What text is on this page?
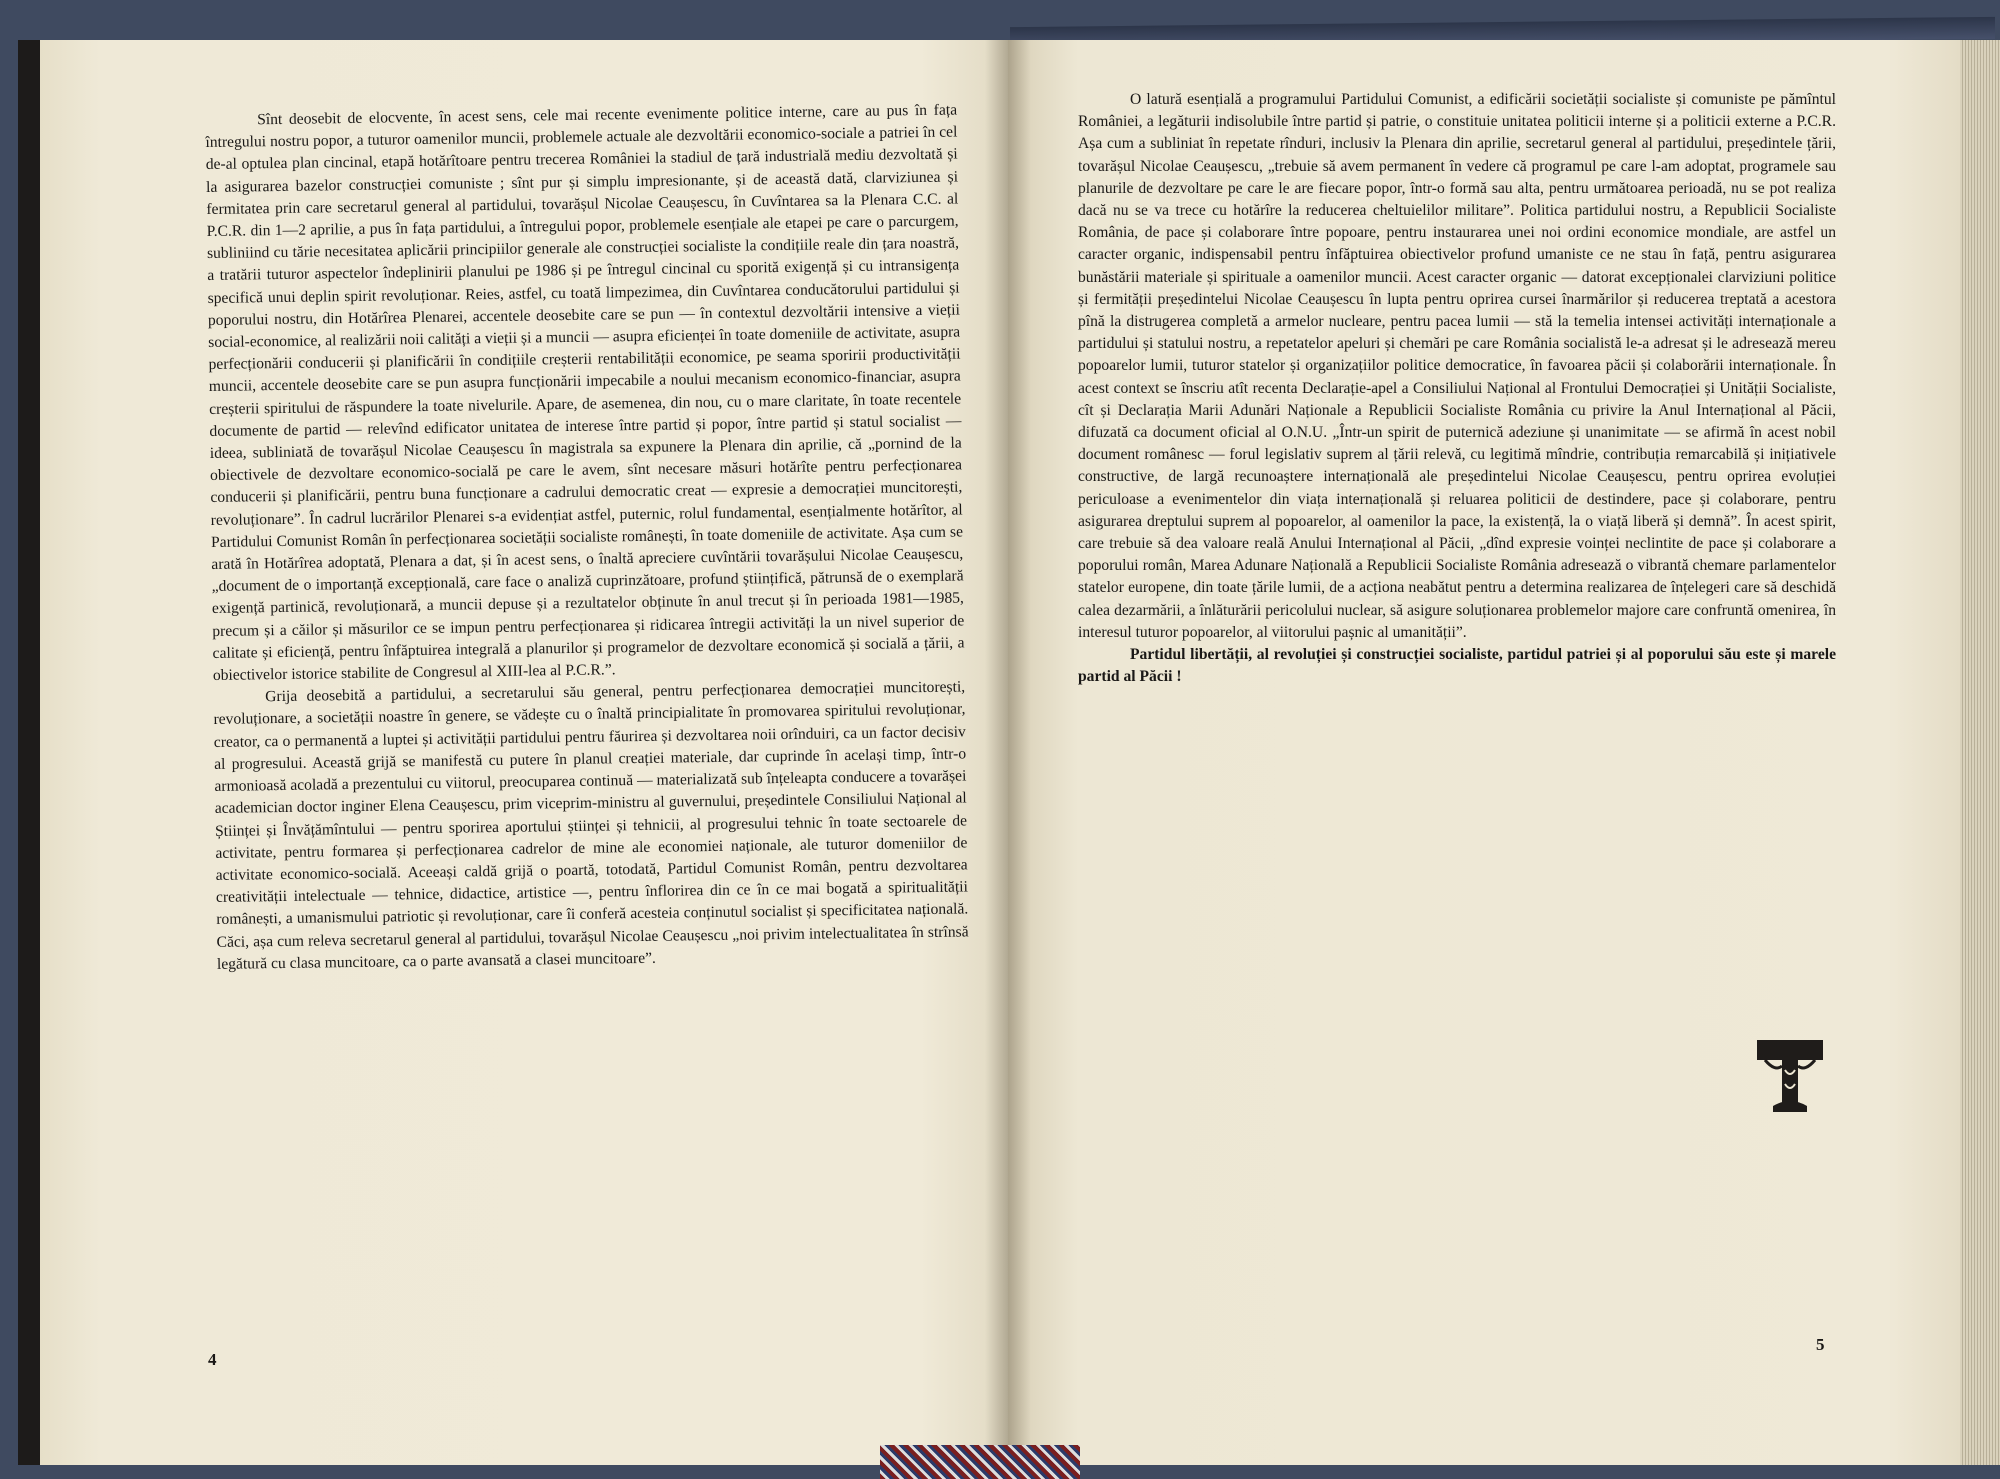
Sînt deosebit de elocvente, în acest sens, cele mai recente evenimente politice interne, care au pus în fața întregului nostru popor, a tuturor oamenilor muncii, problemele actuale ale dezvoltării economico-sociale a patriei în cel de-al optulea plan cincinal, etapă hotărîtoare pentru trecerea României la stadiul de țară industrială mediu dezvoltată și la asigurarea bazelor construcției comuniste ; sînt pur și simplu impresionante, și de această dată, clarviziunea și fermitatea prin care secretarul general al partidului, tovarășul Nicolae Ceaușescu, în Cuvîntarea sa la Plenara C.C. al P.C.R. din 1—2 aprilie, a pus în fața partidului, a întregului popor, problemele esențiale ale etapei pe care o parcurgem, subliniind cu tărie necesitatea aplicării principiilor generale ale construcției socialiste la condițiile reale din țara noastră, a tratării tuturor aspectelor îndeplinirii planului pe 1986 și pe întregul cincinal cu sporită exigență și cu intransigența specifică unui deplin spirit revoluționar. Reies, astfel, cu toată limpezimea, din Cuvîntarea conducătorului partidului și poporului nostru, din Hotărîrea Plenarei, accentele deosebite care se pun — în contextul dezvoltării intensive a vieții social-economice, al realizării noii calități a vieții și a muncii — asupra eficienței în toate domeniile de activitate, asupra perfecționării conducerii și planificării în condițiile creșterii rentabilității economice, pe seama sporirii productivității muncii, accentele deosebite care se pun asupra funcționării impecabile a noului mecanism economico-financiar, asupra creșterii spiritului de răspundere la toate nivelurile. Apare, de asemenea, din nou, cu o mare claritate, în toate recentele documente de partid — relevînd edificator unitatea de interese între partid și popor, între partid și statul socialist — ideea, subliniată de tovarășul Nicolae Ceaușescu în magistrala sa expunere la Plenara din aprilie, că „pornind de la obiectivele de dezvoltare economico-socială pe care le avem, sînt necesare măsuri hotărîte pentru perfecționarea conducerii și planificării, pentru buna funcționare a cadrului democratic creat — expresie a democrației muncitorești, revoluționare”. În cadrul lucrărilor Plenarei s-a evidențiat astfel, puternic, rolul fundamental, esențialmente hotărîtor, al Partidului Comunist Român în perfecționarea societății socialiste românești, în toate domeniile de activitate. Așa cum se arată în Hotărîrea adoptată, Plenara a dat, și în acest sens, o înaltă apreciere cuvîntării tovarășului Nicolae Ceaușescu, „document de o importanță excepțională, care face o analiză cuprinzătoare, profund științifică, pătrunsă de o exemplară exigență partinică, revoluționară, a muncii depuse și a rezultatelor obținute în anul trecut și în perioada 1981—1985, precum și a căilor și măsurilor ce se impun pentru perfecționarea și ridicarea întregii activități la un nivel superior de calitate și eficiență, pentru înfăptuirea integrală a planurilor și programelor de dezvoltare economică și socială a țării, a obiectivelor istorice stabilite de Congresul al XIII-lea al P.C.R.”.

Grija deosebită a partidului, a secretarului său general, pentru perfecționarea democrației muncitorești, revoluționare, a societății noastre în genere, se vădește cu o înaltă principialitate în promovarea spiritului revoluționar, creator, ca o permanentă a luptei și activității partidului pentru făurirea și dezvoltarea noii orînduiri, ca un factor decisiv al progresului. Această grijă se manifestă cu putere în planul creației materiale, dar cuprinde în același timp, într-o armonioasă acoladă a prezentului cu viitorul, preocuparea continuă — materializată sub înțeleapta conducere a tovarășei academician doctor inginer Elena Ceaușescu, prim viceprim-ministru al guvernului, președintele Consiliului Național al Științei și Învățămîntului — pentru sporirea aportului științei și tehnicii, al progresului tehnic în toate sectoarele de activitate, pentru formarea și perfecționarea cadrelor de mine ale economiei naționale, ale tuturor domeniilor de activitate economico-socială. Aceeași caldă grijă o poartă, totodată, Partidul Comunist Român, pentru dezvoltarea creativității intelectuale — tehnice, didactice, artistice —, pentru înflorirea din ce în ce mai bogată a spiritualității românești, a umanismului patriotic și revoluționar, care îi conferă acesteia conținutul socialist și specificitatea națională. Căci, așa cum releva secretarul general al partidului, tovarășul Nicolae Ceaușescu „noi privim intelectualitatea în strînsă legătură cu clasa muncitoare, ca o parte avansată a clasei muncitoare”.

4

O latură esențială a programului Partidului Comunist, a edificării societății socialiste și comuniste pe pămîntul României, a legăturii indisolubile între partid și patrie, o constituie unitatea politicii interne și a politicii externe a P.C.R. Așa cum a subliniat în repetate rînduri, inclusiv la Plenara din aprilie, secretarul general al partidului, președintele țării, tovarășul Nicolae Ceaușescu, „trebuie să avem permanent în vedere că programul pe care l-am adoptat, programele sau planurile de dezvoltare pe care le are fiecare popor, într-o formă sau alta, pentru următoarea perioadă, nu se pot realiza dacă nu se va trece cu hotărîre la reducerea cheltuielilor militare”. Politica partidului nostru, a Republicii Socialiste România, de pace și colaborare între popoare, pentru instaurarea unei noi ordini economice mondiale, are astfel un caracter organic, indispensabil pentru înfăptuirea obiectivelor profund umaniste ce ne stau în față, pentru asigurarea bunăstării materiale și spirituale a oamenilor muncii. Acest caracter organic — datorat excepționalei clarviziuni politice și fermității președintelui Nicolae Ceaușescu în lupta pentru oprirea cursei înarmărilor și reducerea treptată a acestora pînă la distrugerea completă a armelor nucleare, pentru pacea lumii — stă la temelia intensei activități internaționale a partidului și statului nostru, a repetatelor apeluri și chemări pe care România socialistă le-a adresat și le adresează mereu popoarelor lumii, tuturor statelor și organizațiilor politice democratice, în favoarea păcii și colaborării internaționale. În acest context se înscriu atît recenta Declarație-apel a Consiliului Național al Frontului Democrației și Unității Socialiste, cît și Declarația Marii Adunări Naționale a Republicii Socialiste România cu privire la Anul Internațional al Păcii, difuzată ca document oficial al O.N.U. „Într-un spirit de puternică adeziune și unanimitate — se afirmă în acest nobil document românesc — forul legislativ suprem al țării relevă, cu legitimă mîndrie, contribuția remarcabilă și inițiativele constructive, de largă recunoaștere internațională ale președintelui Nicolae Ceaușescu, pentru oprirea evoluției periculoase a evenimentelor din viața internațională și reluarea politicii de destindere, pace și colaborare, pentru asigurarea dreptului suprem al popoarelor, al oamenilor la pace, la existență, la o viață liberă și demnă”. În acest spirit, care trebuie să dea valoare reală Anului Internațional al Păcii, „dînd expresie voinței neclintite de pace și colaborare a poporului român, Marea Adunare Națională a Republicii Socialiste România adresează o vibrantă chemare parlamentelor statelor europene, din toate țările lumii, de a acționa neabătut pentru a determina realizarea de înțelegeri care să deschidă calea dezarmării, a înlăturării pericolului nuclear, să asigure soluționarea problemelor majore care confruntă omenirea, în interesul tuturor popoarelor, al viitorului pașnic al umanității”.

Partidul libertății, al revoluției și construcției socialiste, partidul patriei și al poporului său este și marele partid al Păcii !

5
